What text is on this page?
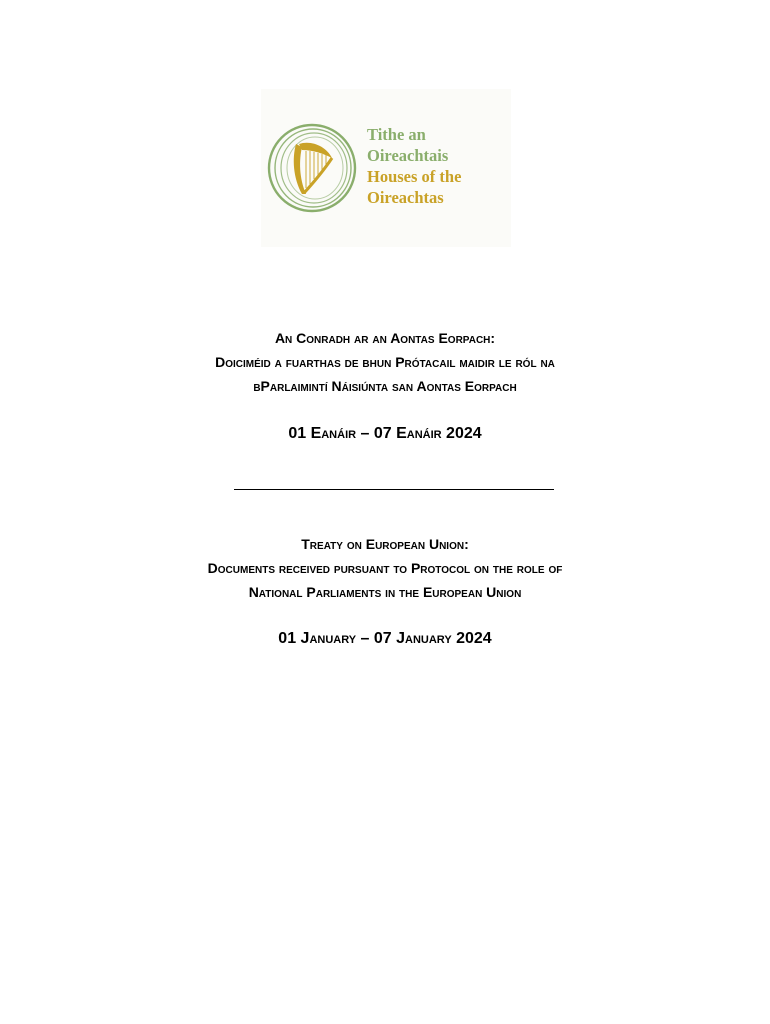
Tithe an
Oireachtais
Houses of the
Oireachtas
An Conradh ar an Aontas Eorpach:
Doiciméid a fuarthas de bhun Prótacail maidir le ról na
bParlaimintí Náisiúnta san Aontas Eorpach
01 Eanáir – 07 Eanáir 2024
Treaty on European Union:
Documents received pursuant to Protocol on the role of
National Parliaments in the European Union
01 January – 07 January 2024
